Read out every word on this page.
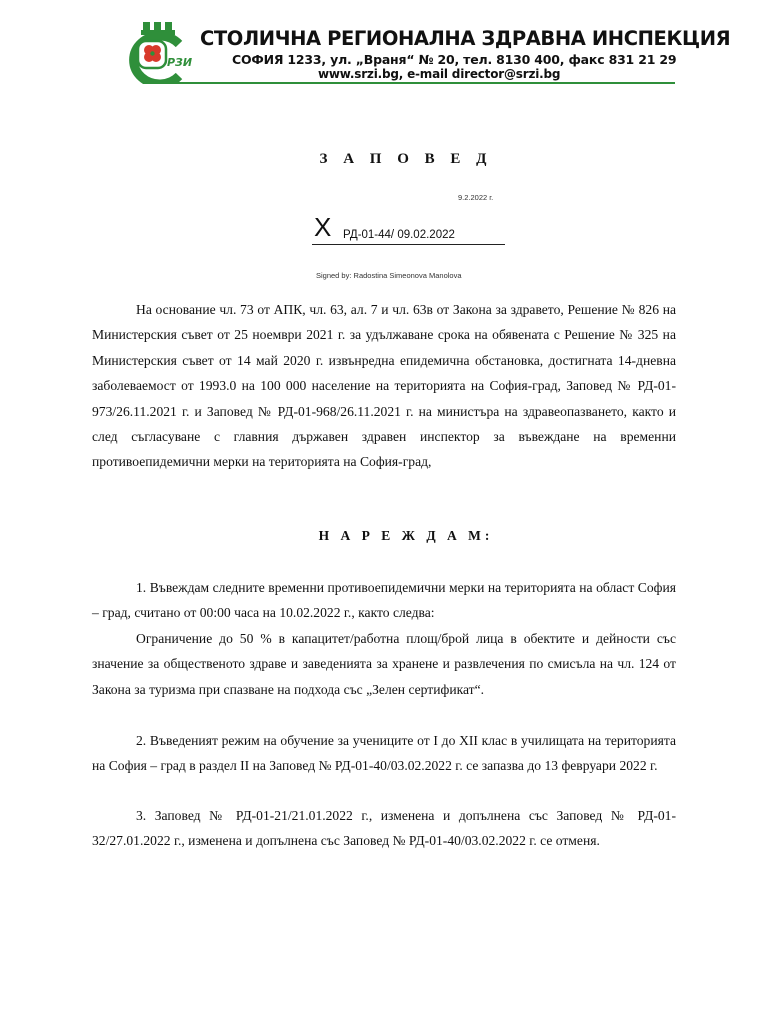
РЗИ
СТОЛИЧНА РЕГИОНАЛНА ЗДРАВНА ИНСПЕКЦИЯ
СОФИЯ 1233, ул. „Враня“ № 20, тел. 8130 400, факс 831 21 29
www.srzi.bg, e-mail director@srzi.bg
З А П О В Е Д
9.2.2022 г.
X РД-01-44/ 09.02.2022
Signed by: Radostina Simeonova Manolova

На основание чл. 73 от АПК, чл. 63, ал. 7 и чл. 63в от Закона за здравето, Решение № 826 на Министерския съвет от 25 ноември 2021 г. за удължаване срока на обявената с Решение № 325 на Министерския съвет от 14 май 2020 г. извънредна епидемична обстановка, достигната 14-дневна заболеваемост от 1993.0 на 100 000 население на територията на София-град, Заповед № РД-01-973/26.11.2021 г. и Заповед № РД-01-968/26.11.2021 г. на министъра на здравеопазването, както и след съгласуване с главния държавен здравен инспектор за въвеждане на временни противоепидемични мерки на територията на София-град,

Н А Р Е Ж Д А М:

1. Въвеждам следните временни противоепидемични мерки на територията на област София – град, считано от 00:00 часа на 10.02.2022 г., както следва:

Ограничение до 50 % в капацитет/работна площ/брой лица в обектите и дейности със значение за общественото здраве и заведенията за хранене и развлечения по смисъла на чл. 124 от Закона за туризма при спазване на подхода със „Зелен сертификат“.

2. Въведеният режим на обучение за учениците от I до XII клас в училищата на територията на София – град в раздел II на Заповед № РД-01-40/03.02.2022 г. се запазва до 13 февруари 2022 г.

3. Заповед № РД-01-21/21.01.2022 г., изменена и допълнена със Заповед № РД-01-32/27.01.2022 г., изменена и допълнена със Заповед № РД-01-40/03.02.2022 г. се отменя.
